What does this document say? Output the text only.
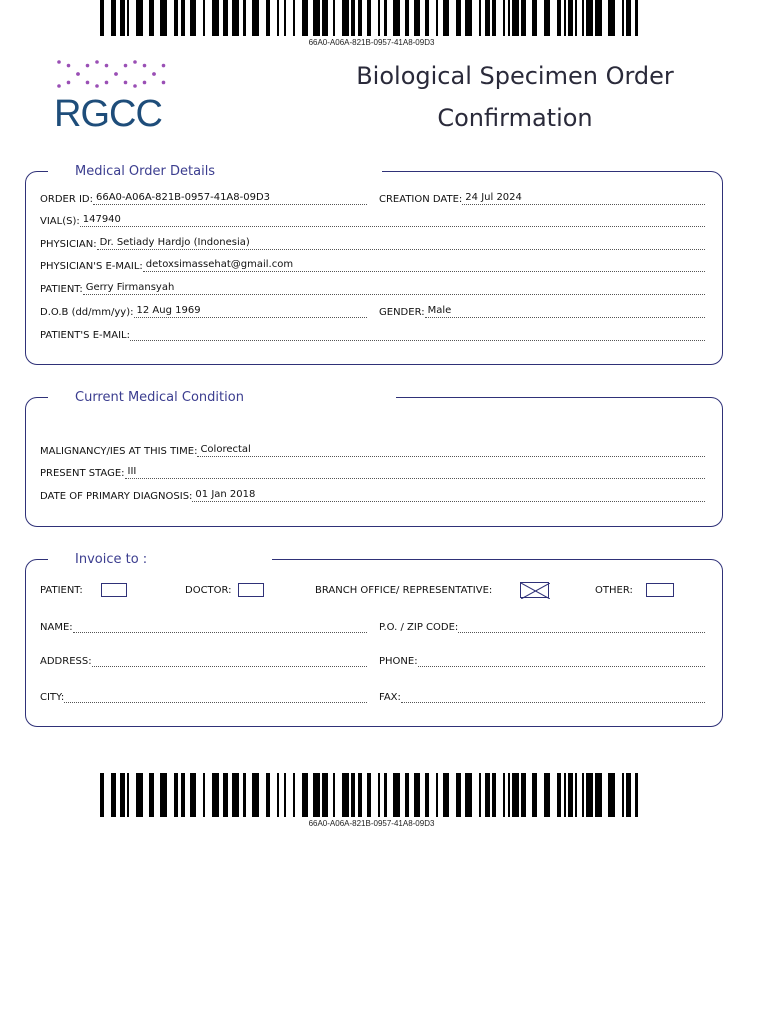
66A0-A06A-821B-0957-41A8-09D3
RGCC
Biological Specimen Order
Confirmation
Medical Order Details
ORDER ID: 66A0-A06A-821B-0957-41A8-09D3	CREATION DATE: 24 Jul 2024
VIAL(S): 147940
PHYSICIAN: Dr. Setiady Hardjo (Indonesia)
PHYSICIAN'S E-MAIL: detoxsimassehat@gmail.com
PATIENT: Gerry Firmansyah
D.O.B (dd/mm/yy): 12 Aug 1969	GENDER: Male
PATIENT'S E-MAIL:
Current Medical Condition
MALIGNANCY/IES AT THIS TIME: Colorectal
PRESENT STAGE: III
DATE OF PRIMARY DIAGNOSIS: 01 Jan 2018
Invoice to :
PATIENT:	DOCTOR:	BRANCH OFFICE/ REPRESENTATIVE:	OTHER:
NAME:	P.O. / ZIP CODE:
ADDRESS:	PHONE:
CITY:	FAX:
66A0-A06A-821B-0957-41A8-09D3
